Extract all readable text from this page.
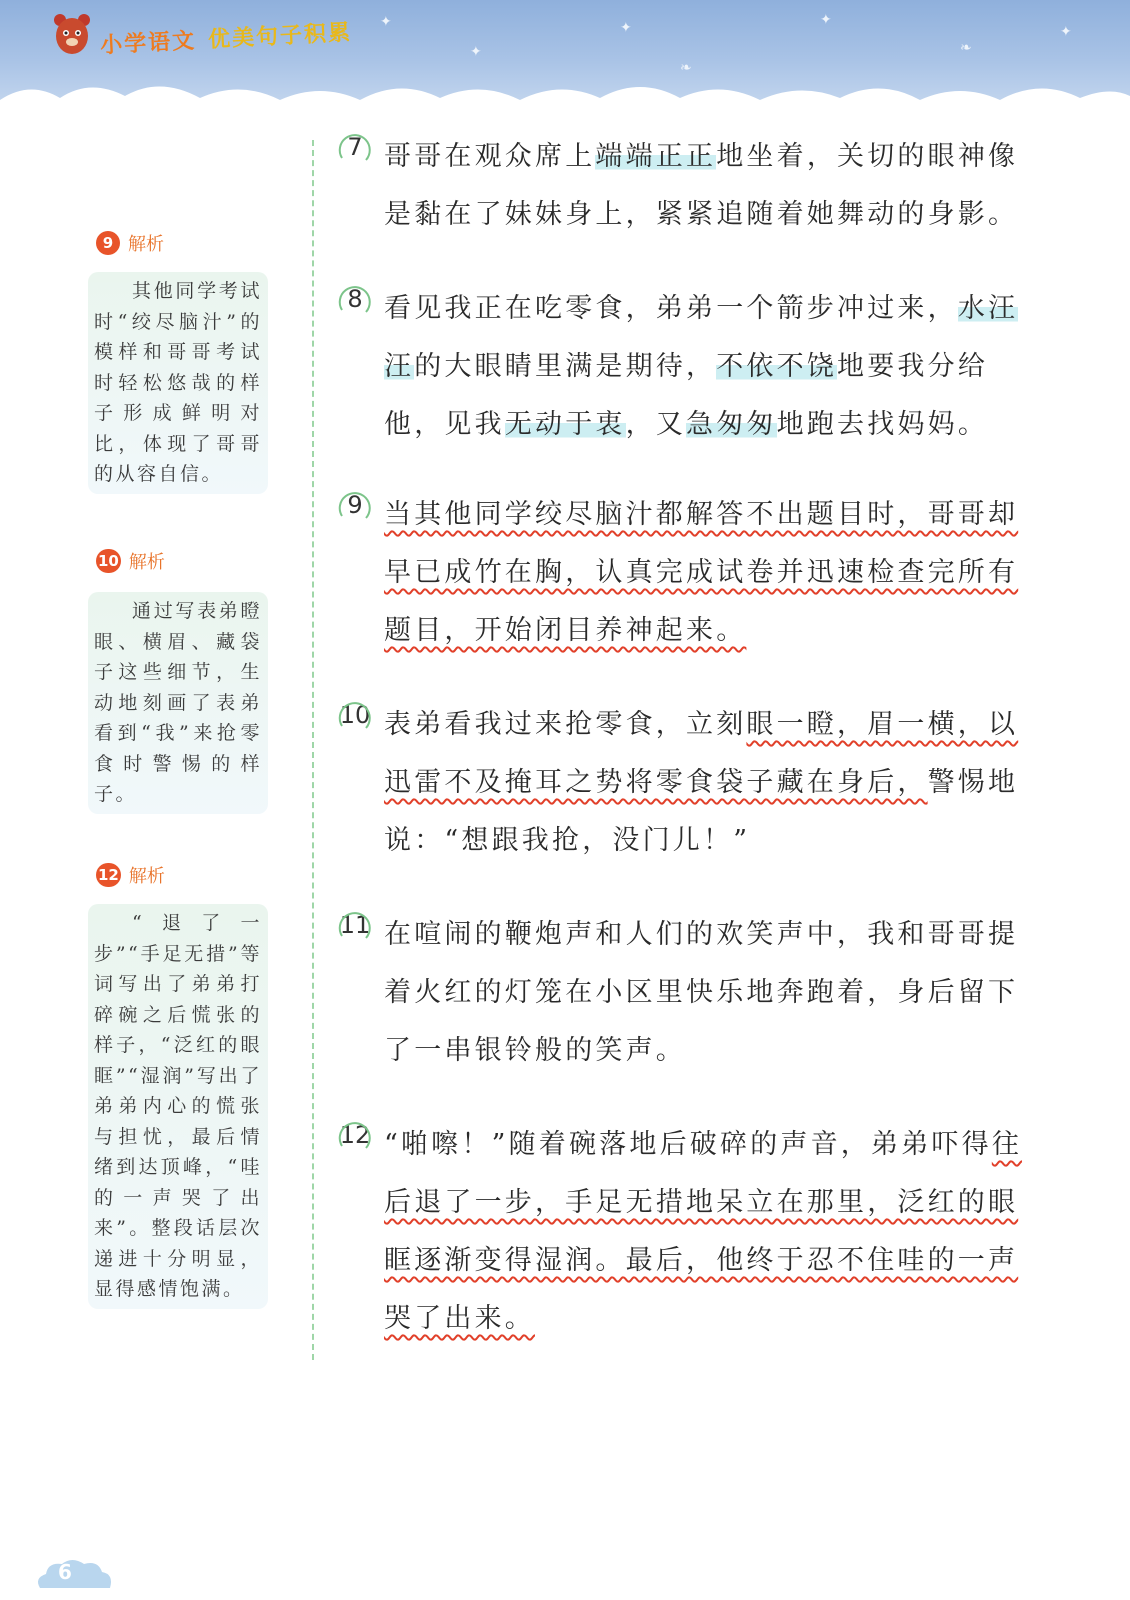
✦
✦
✦
❧
✦
❧
✦
小学语文 优美句子积累
9 解析
其他同学考试时“绞尽脑汁”的模样和哥哥考试时轻松悠哉的样子形成鲜明对比，体现了哥哥的从容自信。
10 解析
通过写表弟瞪眼、横眉、藏袋子这些细节，生动地刻画了表弟看到“我”来抢零食时警惕的样子。
12 解析
“退了一步”“手足无措”等词写出了弟弟打碎碗之后慌张的样子，“泛红的眼眶”“湿润”写出了弟弟内心的慌张与担忧，最后情绪到达顶峰，“哇的一声哭了出来”。整段话层次递进十分明显，显得感情饱满。
7 哥哥在观众席上端端正正地坐着，关切的眼神像是黏在了妹妹身上，紧紧追随着她舞动的身影。
8 看见我正在吃零食，弟弟一个箭步冲过来，水汪汪的大眼睛里满是期待，不依不饶地要我分给他，见我无动于衷，又急匆匆地跑去找妈妈。
9 当其他同学绞尽脑汁都解答不出题目时，哥哥却早已成竹在胸，认真完成试卷并迅速检查完所有题目，开始闭目养神起来。
10 表弟看我过来抢零食，立刻眼一瞪，眉一横，以迅雷不及掩耳之势将零食袋子藏在身后，警惕地说：“想跟我抢，没门儿！”
11 在喧闹的鞭炮声和人们的欢笑声中，我和哥哥提着火红的灯笼在小区里快乐地奔跑着，身后留下了一串银铃般的笑声。
12 “啪嚓！”随着碗落地后破碎的声音，弟弟吓得往后退了一步，手足无措地呆立在那里，泛红的眼眶逐渐变得湿润。最后，他终于忍不住哇的一声哭了出来。
6
